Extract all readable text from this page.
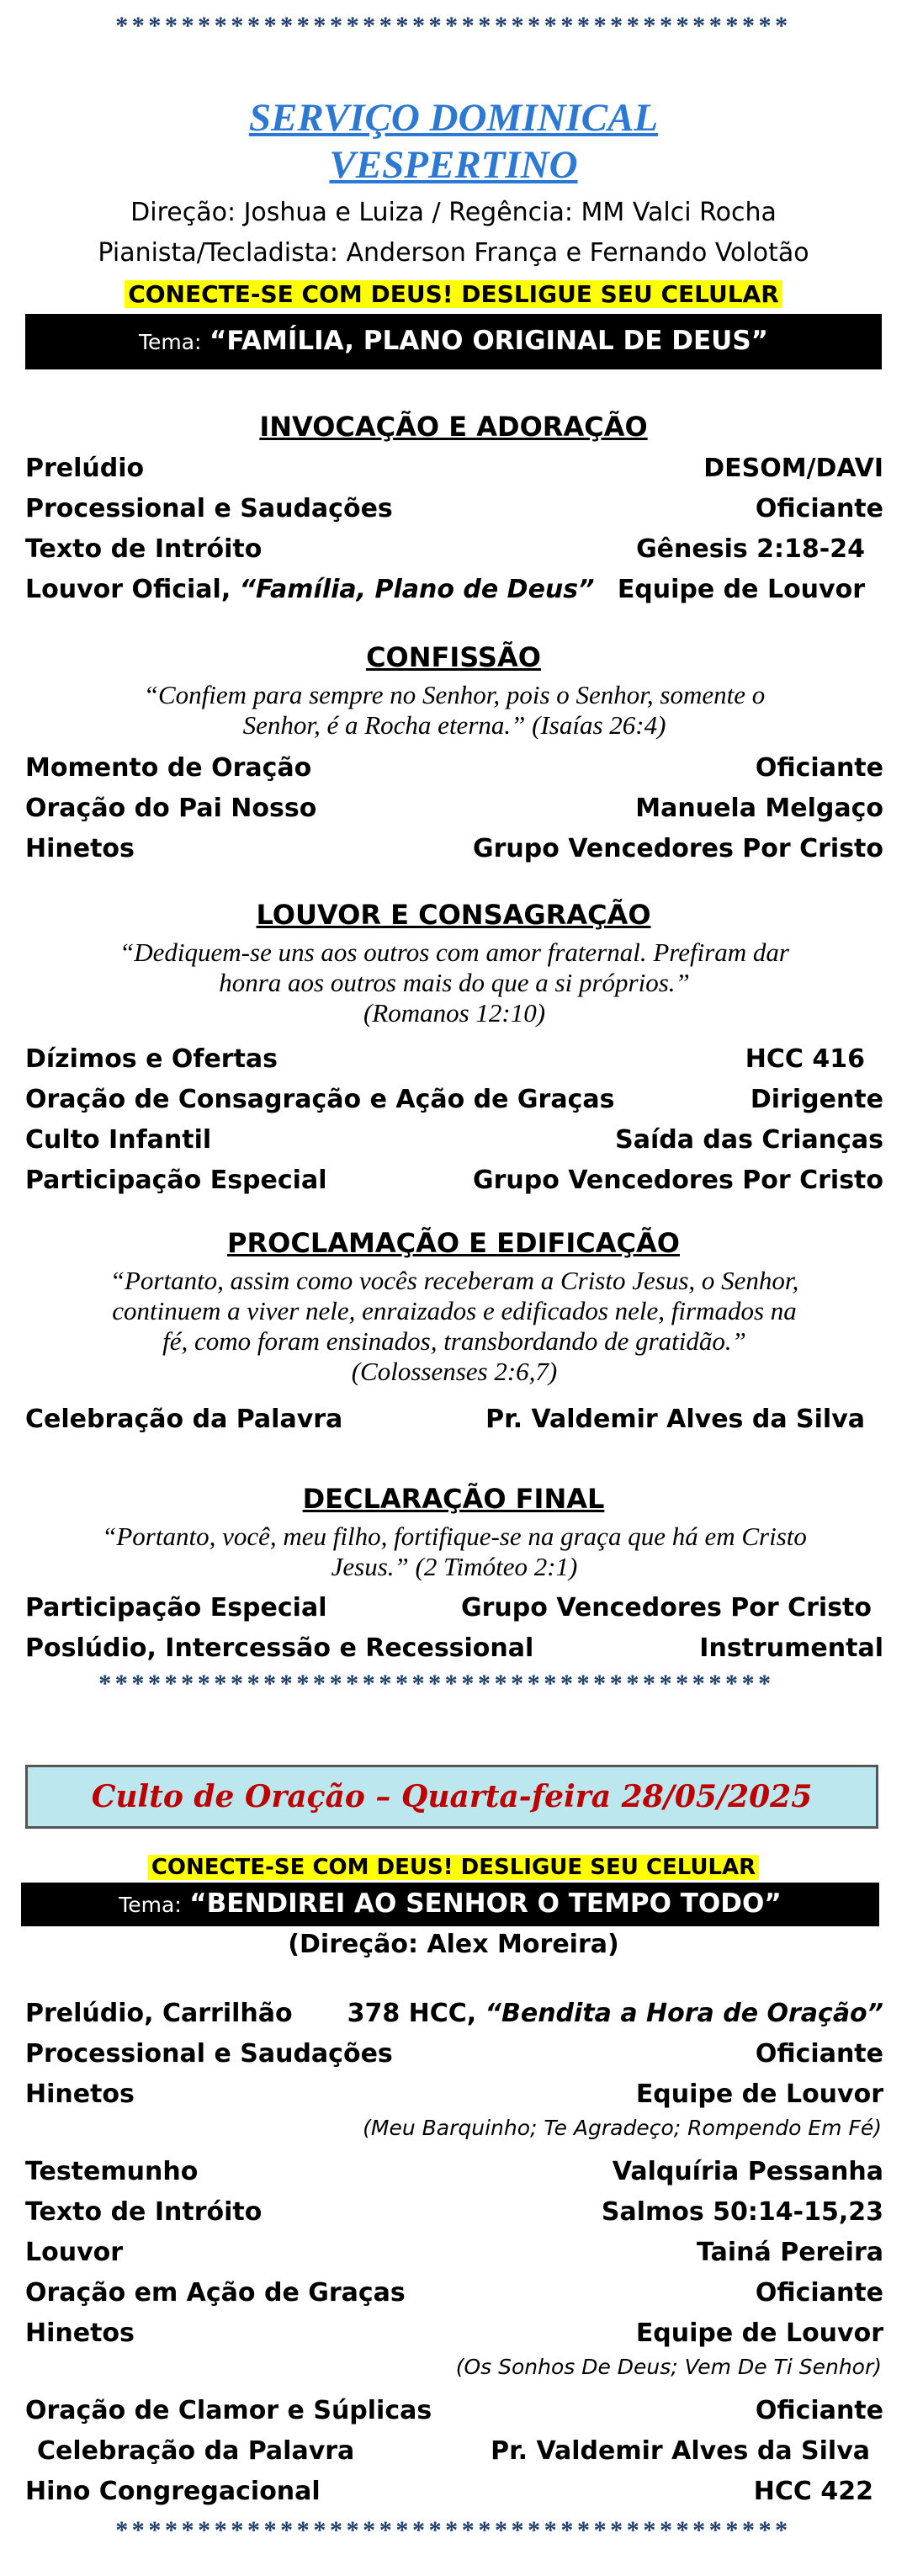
*****************************************
SERVIÇO DOMINICAL
VESPERTINO
Direção: Joshua e Luiza / Regência: MM Valci Rocha
Pianista/Tecladista: Anderson França e Fernando Volotão
CONECTE-SE COM DEUS! DESLIGUE SEU CELULAR
Tema: “FAMÍLIA, PLANO ORIGINAL DE DEUS”
INVOCAÇÃO E ADORAÇÃO
Prelúdio	DESOM/DAVI
Processional e Saudações	Oficiante
Texto de Intróito	Gênesis 2:18-24
Louvor Oficial, “Família, Plano de Deus” Equipe de Louvor
CONFISSÃO
“Confiem para sempre no Senhor, pois o Senhor, somente o
Senhor, é a Rocha eterna.” (Isaías 26:4)
Momento de Oração	Oficiante
Oração do Pai Nosso	Manuela Melgaço
Hinetos	Grupo Vencedores Por Cristo
LOUVOR E CONSAGRAÇÃO
“Dediquem-se uns aos outros com amor fraternal. Prefiram dar
honra aos outros mais do que a si próprios.”
(Romanos 12:10)
Dízimos e Ofertas	HCC 416
Oração de Consagração e Ação de Graças	Dirigente
Culto Infantil	Saída das Crianças
Participação Especial	Grupo Vencedores Por Cristo
PROCLAMAÇÃO E EDIFICAÇÃO
“Portanto, assim como vocês receberam a Cristo Jesus, o Senhor,
continuem a viver nele, enraizados e edificados nele, firmados na
fé, como foram ensinados, transbordando de gratidão.”
(Colossenses 2:6,7)
Celebração da Palavra	Pr. Valdemir Alves da Silva
DECLARAÇÃO FINAL
“Portanto, você, meu filho, fortifique-se na graça que há em Cristo
Jesus.” (2 Timóteo 2:1)
Participação Especial	Grupo Vencedores Por Cristo
Poslúdio, Intercessão e Recessional	Instrumental
*****************************************
Culto de Oração – Quarta-feira 28/05/2025
CONECTE-SE COM DEUS! DESLIGUE SEU CELULAR
Tema: “BENDIREI AO SENHOR O TEMPO TODO”
(Direção: Alex Moreira)
Prelúdio, Carrilhão 378 HCC, “Bendita a Hora de Oração”
Processional e Saudações	Oficiante
Hinetos	Equipe de Louvor
(Meu Barquinho; Te Agradeço; Rompendo Em Fé)
Testemunho	Valquíria Pessanha
Texto de Intróito	Salmos 50:14-15,23
Louvor	Tainá Pereira
Oração em Ação de Graças	Oficiante
Hinetos	Equipe de Louvor
(Os Sonhos De Deus; Vem De Ti Senhor)
Oração de Clamor e Súplicas	Oficiante
Celebração da Palavra	Pr. Valdemir Alves da Silva
Hino Congregacional	HCC 422
*****************************************
